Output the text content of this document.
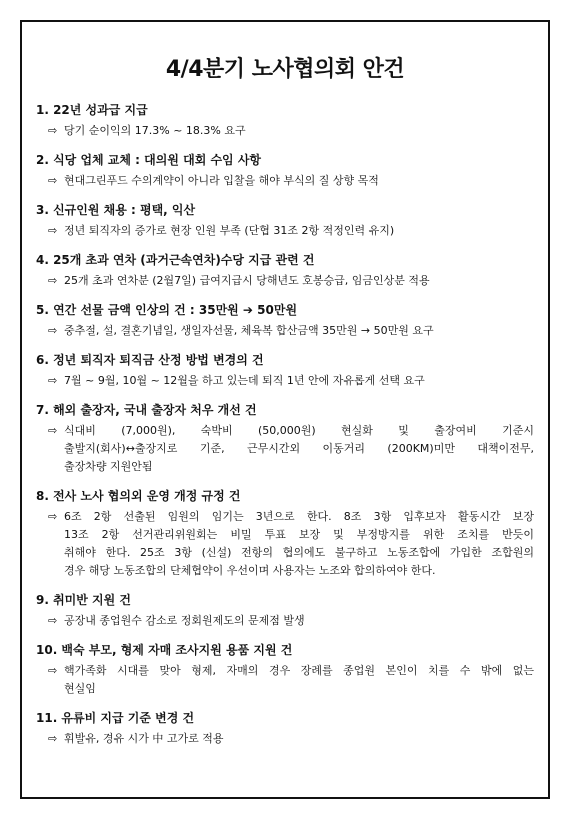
4/4분기 노사협의회 안건
1. 22년 성과급 지급
⇨ 당기 순이익의 17.3% ~ 18.3% 요구
2. 식당 업체 교체 : 대의원 대회 수임 사항
⇨ 현대그린푸드 수의계약이 아니라 입찰을 해야 부식의 질 상향 목적
3. 신규인원 채용 : 평택, 익산
⇨ 정년 퇴직자의 증가로 현장 인원 부족 (단협 31조 2항 적정인력 유지)
4. 25개 초과 연차 (과거근속연차)수당 지급 관련 건
⇨ 25개 초과 연차분 (2월7일) 급여지급시 당해년도 호봉승급, 임금인상분 적용
5. 연간 선물 금액 인상의 건 : 35만원 ➔ 50만원
⇨ 중추절, 설, 결혼기념일, 생일자선물, 체육복 합산금액 35만원 → 50만원 요구
6. 정년 퇴직자 퇴직금 산정 방법 변경의 건
⇨ 7월 ~ 9월, 10월 ~ 12월을 하고 있는데 퇴직 1년 안에 자유롭게 선택 요구
7. 해외 출장자, 국내 출장자 처우 개선 건
⇨ 식대비 (7,000원), 숙박비 (50,000원) 현실화 및 출장여비 기준시
출발지(회사)↔출장지로 기준, 근무시간외 이동거리 (200KM)미만 대책이전무,
출장차량 지원안됨
8. 전사 노사 협의외 운영 개정 규정 건
⇨ 6조 2항 선출된 임원의 임기는 3년으로 한다. 8조 3항 입후보자 활동시간 보장
13조 2항 선거관리위원회는 비밀 투표 보장 및 부정방지를 위한 조치를 반듯이
취해야 한다. 25조 3항 (신설) 전항의 협의에도 불구하고 노동조합에 가입한 조합원의
경우 해당 노동조합의 단체협약이 우선이며 사용자는 노조와 합의하여야 한다.
9. 취미반 지원 건
⇨ 공장내 종업원수 감소로 정회원제도의 문제점 발생
10. 백숙 부모, 형제 자매 조사지원 용품 지원 건
⇨ 핵가족화 시대를 맞아 형제, 자매의 경우 장례를 종업원 본인이 치를 수 밖에 없는
현실임
11. 유류비 지급 기준 변경 건
⇨ 휘발유, 경유 시가 中 고가로 적용
